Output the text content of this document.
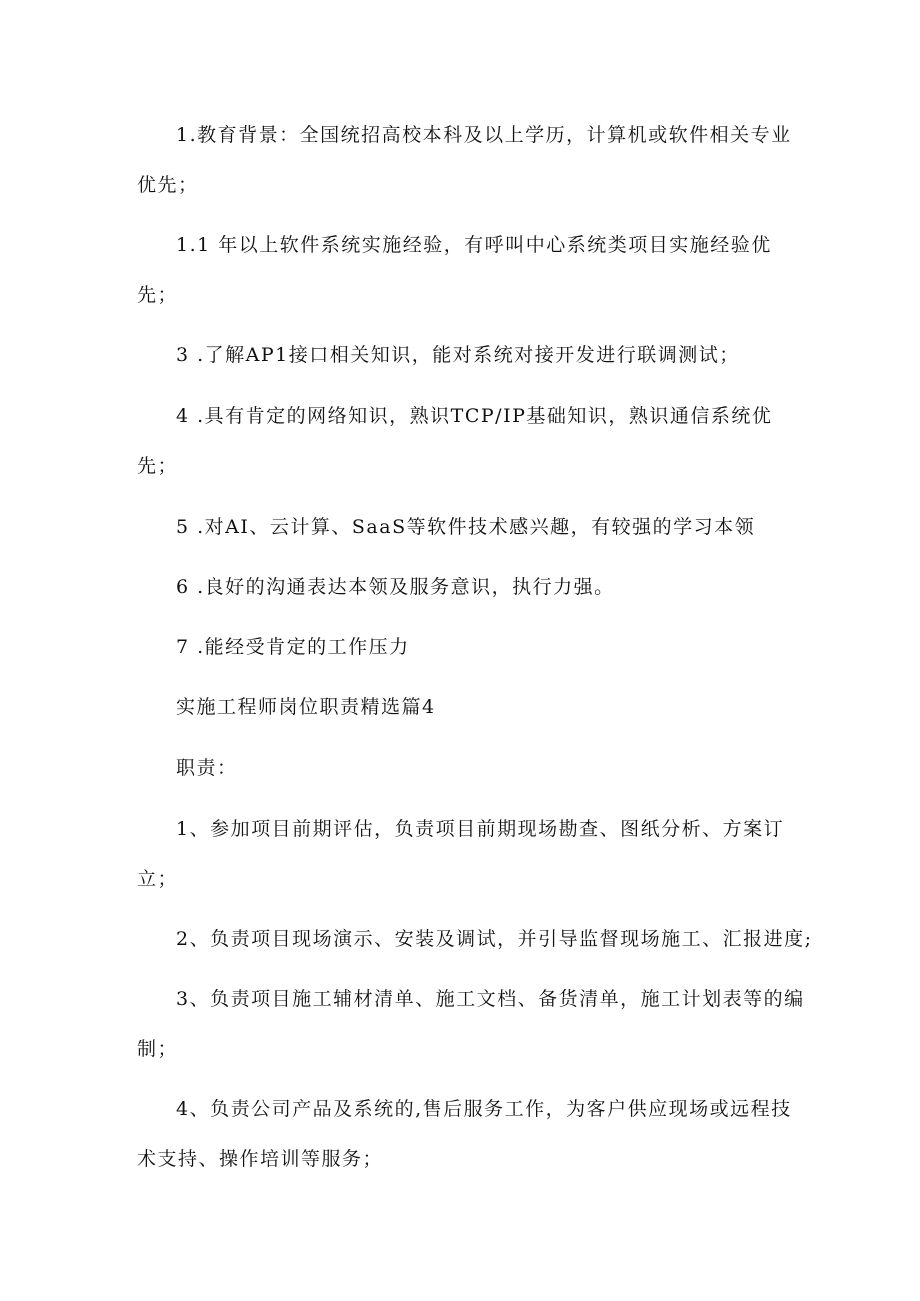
1.教育背景：全国统招高校本科及以上学历，计算机或软件相关专业

优先；

1.1 年以上软件系统实施经验，有呼叫中心系统类项目实施经验优

先；

3 .了解AP1接口相关知识，能对系统对接开发进行联调测试；

4 .具有肯定的网络知识，熟识TCP/IP基础知识，熟识通信系统优

先；

5 .对AI、云计算、SaaS等软件技术感兴趣，有较强的学习本领

6 .良好的沟通表达本领及服务意识，执行力强。

7 .能经受肯定的工作压力

实施工程师岗位职责精选篇4

职责：

1、参加项目前期评估，负责项目前期现场勘查、图纸分析、方案订

立；

2、负责项目现场演示、安装及调试，并引导监督现场施工、汇报进度;

3、负责项目施工辅材清单、施工文档、备货清单，施工计划表等的编

制；

4、负责公司产品及系统的,售后服务工作，为客户供应现场或远程技

术支持、操作培训等服务；
